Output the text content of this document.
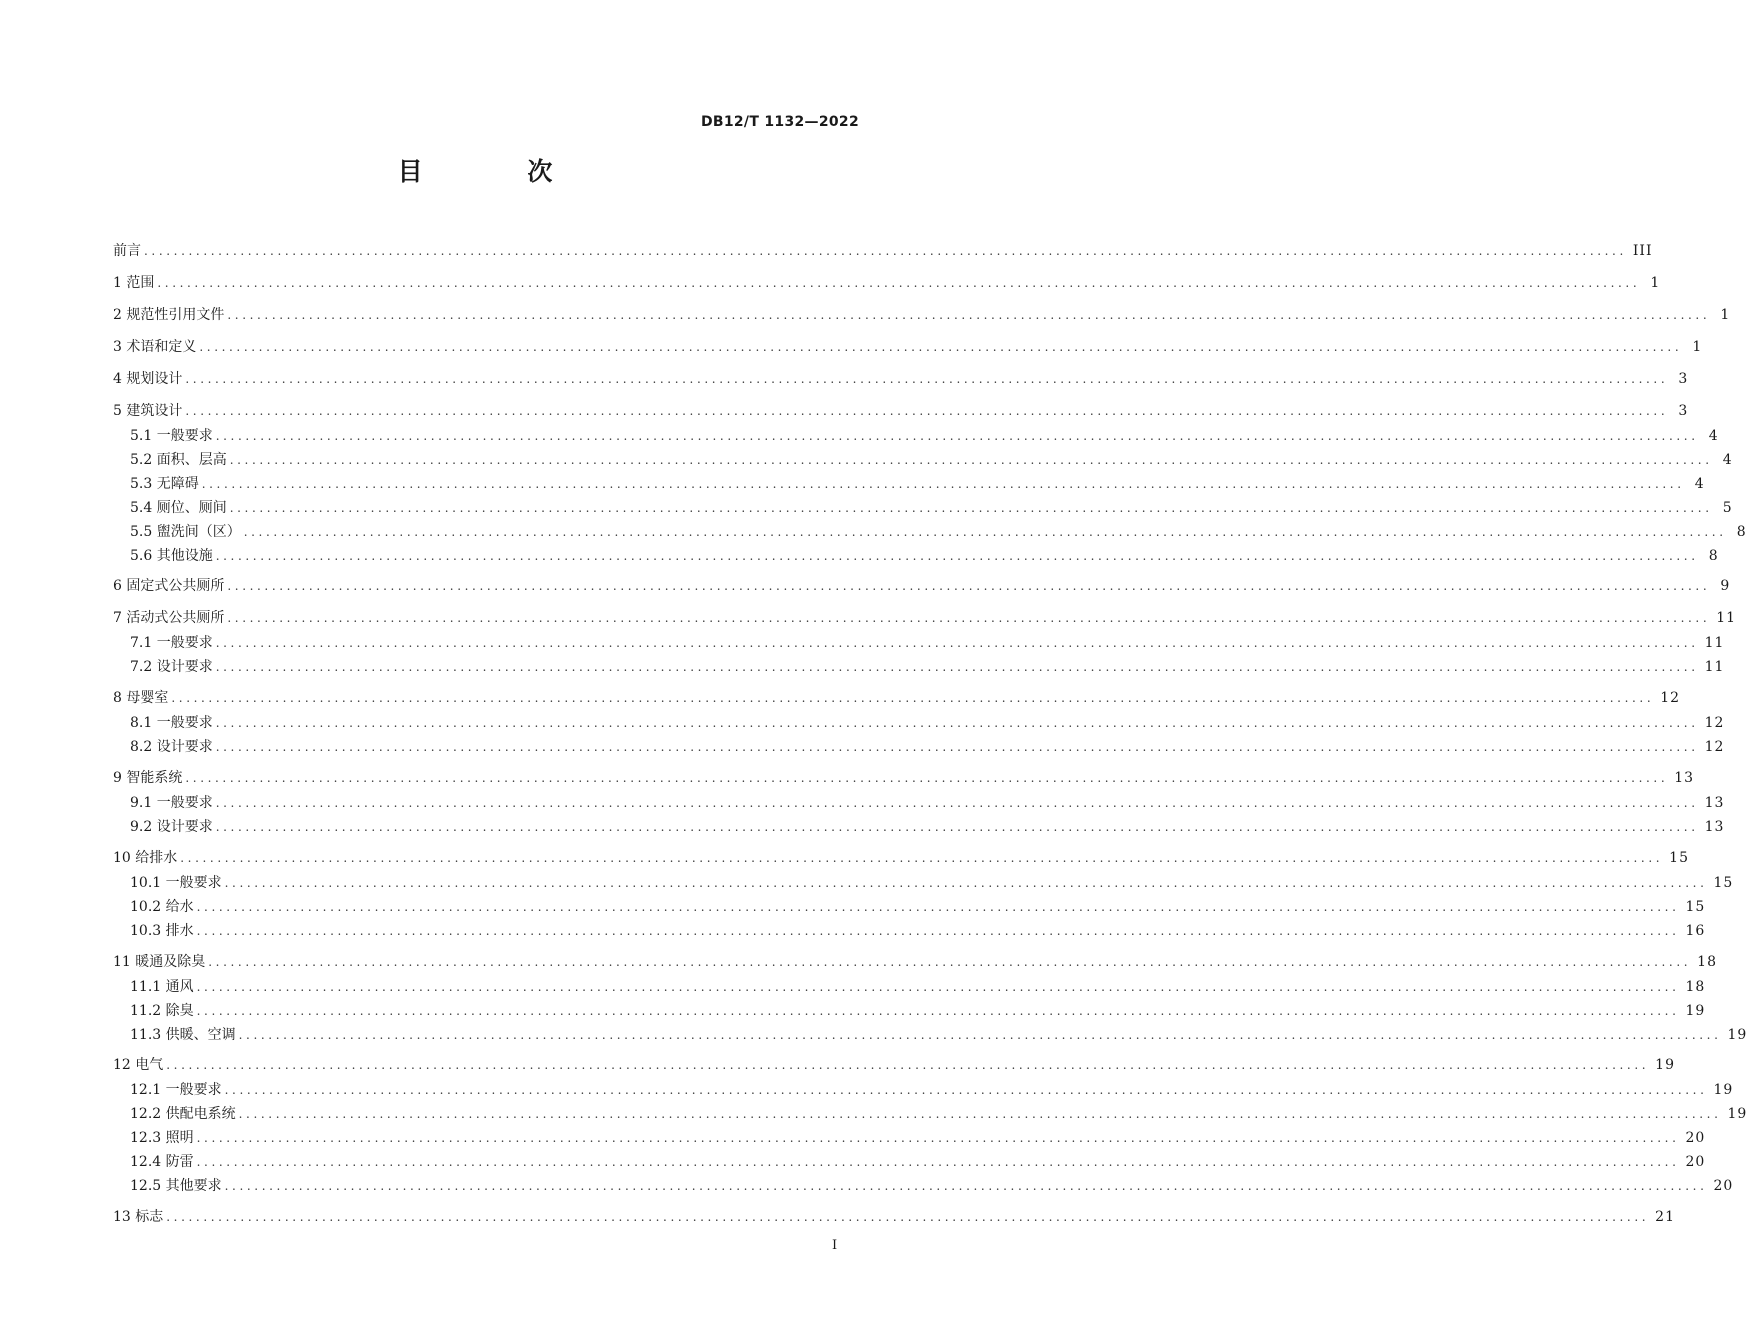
DB12/T 1132—2022
目 次
前言 ........................................................................................................................................................................................................ III
1 范围 ........................................................................................................................................................................................................ 1
2 规范性引用文件 ........................................................................................................................................................................................................ 1
3 术语和定义 ........................................................................................................................................................................................................ 1
4 规划设计 ........................................................................................................................................................................................................ 3
5 建筑设计 ........................................................................................................................................................................................................ 3
5.1 一般要求 ........................................................................................................................................................................................................ 4
5.2 面积、层高 ........................................................................................................................................................................................................ 4
5.3 无障碍 ........................................................................................................................................................................................................ 4
5.4 厕位、厕间 ........................................................................................................................................................................................................ 5
5.5 盥洗间（区） ........................................................................................................................................................................................................ 8
5.6 其他设施 ........................................................................................................................................................................................................ 8
6 固定式公共厕所 ........................................................................................................................................................................................................ 9
7 活动式公共厕所 ........................................................................................................................................................................................................ 11
7.1 一般要求 ........................................................................................................................................................................................................ 11
7.2 设计要求 ........................................................................................................................................................................................................ 11
8 母婴室 ........................................................................................................................................................................................................ 12
8.1 一般要求 ........................................................................................................................................................................................................ 12
8.2 设计要求 ........................................................................................................................................................................................................ 12
9 智能系统 ........................................................................................................................................................................................................ 13
9.1 一般要求 ........................................................................................................................................................................................................ 13
9.2 设计要求 ........................................................................................................................................................................................................ 13
10 给排水 ........................................................................................................................................................................................................ 15
10.1 一般要求 ........................................................................................................................................................................................................ 15
10.2 给水 ........................................................................................................................................................................................................ 15
10.3 排水 ........................................................................................................................................................................................................ 16
11 暖通及除臭 ........................................................................................................................................................................................................ 18
11.1 通风 ........................................................................................................................................................................................................ 18
11.2 除臭 ........................................................................................................................................................................................................ 19
11.3 供暖、空调 ........................................................................................................................................................................................................ 19
12 电气 ........................................................................................................................................................................................................ 19
12.1 一般要求 ........................................................................................................................................................................................................ 19
12.2 供配电系统 ........................................................................................................................................................................................................ 19
12.3 照明 ........................................................................................................................................................................................................ 20
12.4 防雷 ........................................................................................................................................................................................................ 20
12.5 其他要求 ........................................................................................................................................................................................................ 20
13 标志 ........................................................................................................................................................................................................ 21
I
